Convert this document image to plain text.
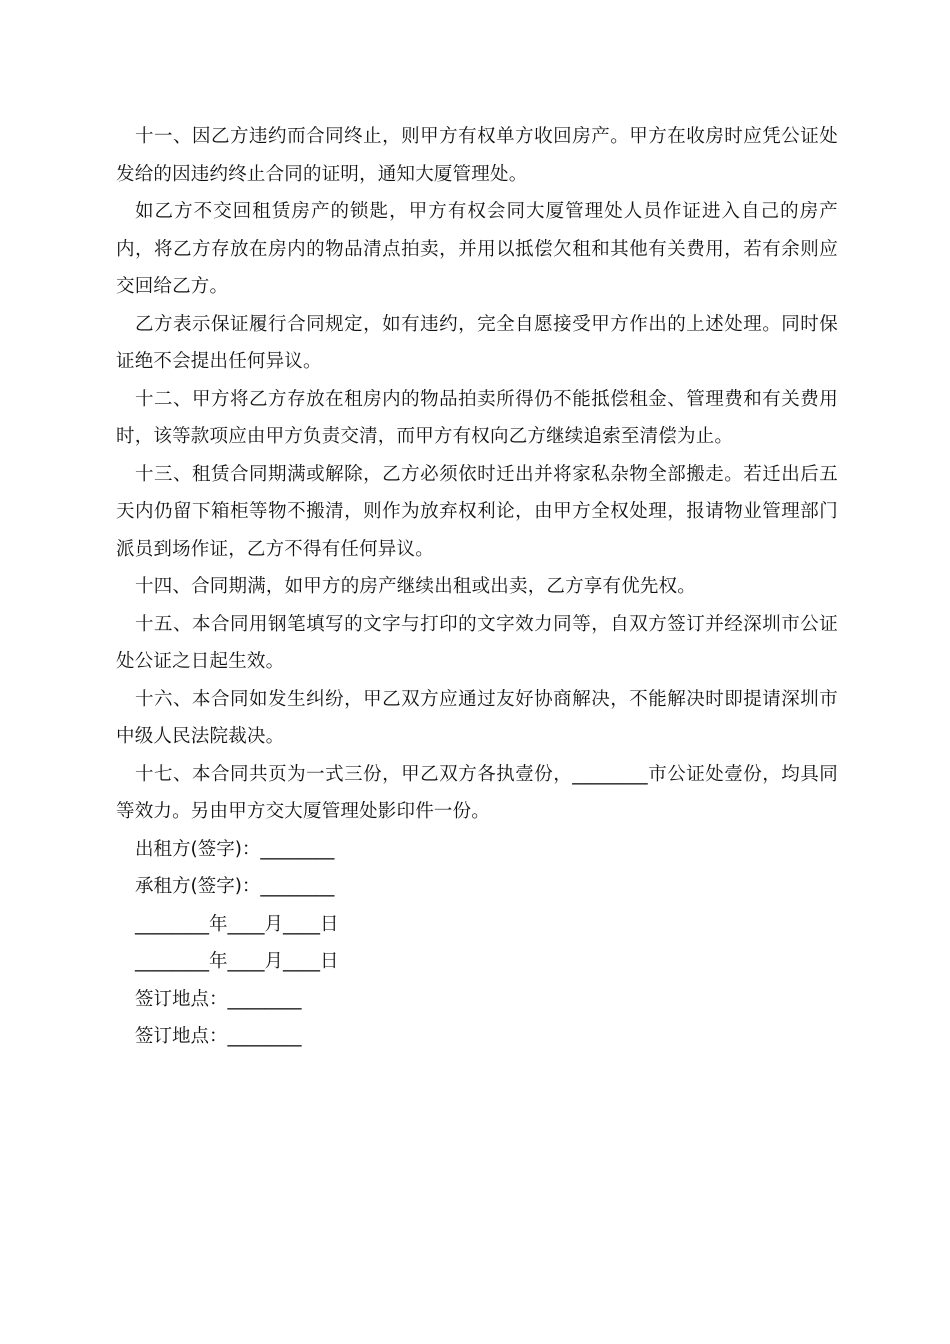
十一、因乙方违约而合同终止，则甲方有权单方收回房产。甲方在收房时应凭公证处发给的因违约终止合同的证明，通知大厦管理处。

如乙方不交回租赁房产的锁匙，甲方有权会同大厦管理处人员作证进入自己的房产内，将乙方存放在房内的物品清点拍卖，并用以抵偿欠租和其他有关费用，若有余则应交回给乙方。

乙方表示保证履行合同规定，如有违约，完全自愿接受甲方作出的上述处理。同时保证绝不会提出任何异议。

十二、甲方将乙方存放在租房内的物品拍卖所得仍不能抵偿租金、管理费和有关费用时，该等款项应由甲方负责交清，而甲方有权向乙方继续追索至清偿为止。

十三、租赁合同期满或解除，乙方必须依时迁出并将家私杂物全部搬走。若迁出后五天内仍留下箱柜等物不搬清，则作为放弃权利论，由甲方全权处理，报请物业管理部门派员到场作证，乙方不得有任何异议。

十四、合同期满，如甲方的房产继续出租或出卖，乙方享有优先权。

十五、本合同用钢笔填写的文字与打印的文字效力同等，自双方签订并经深圳市公证处公证之日起生效。

十六、本合同如发生纠纷，甲乙双方应通过友好协商解决，不能解决时即提请深圳市中级人民法院裁决。

十七、本合同共页为一式三份，甲乙双方各执壹份，________市公证处壹份，均具同等效力。另由甲方交大厦管理处影印件一份。

出租方(签字)：________

承租方(签字)：________

________年____月____日

________年____月____日

签订地点：________

签订地点：________
